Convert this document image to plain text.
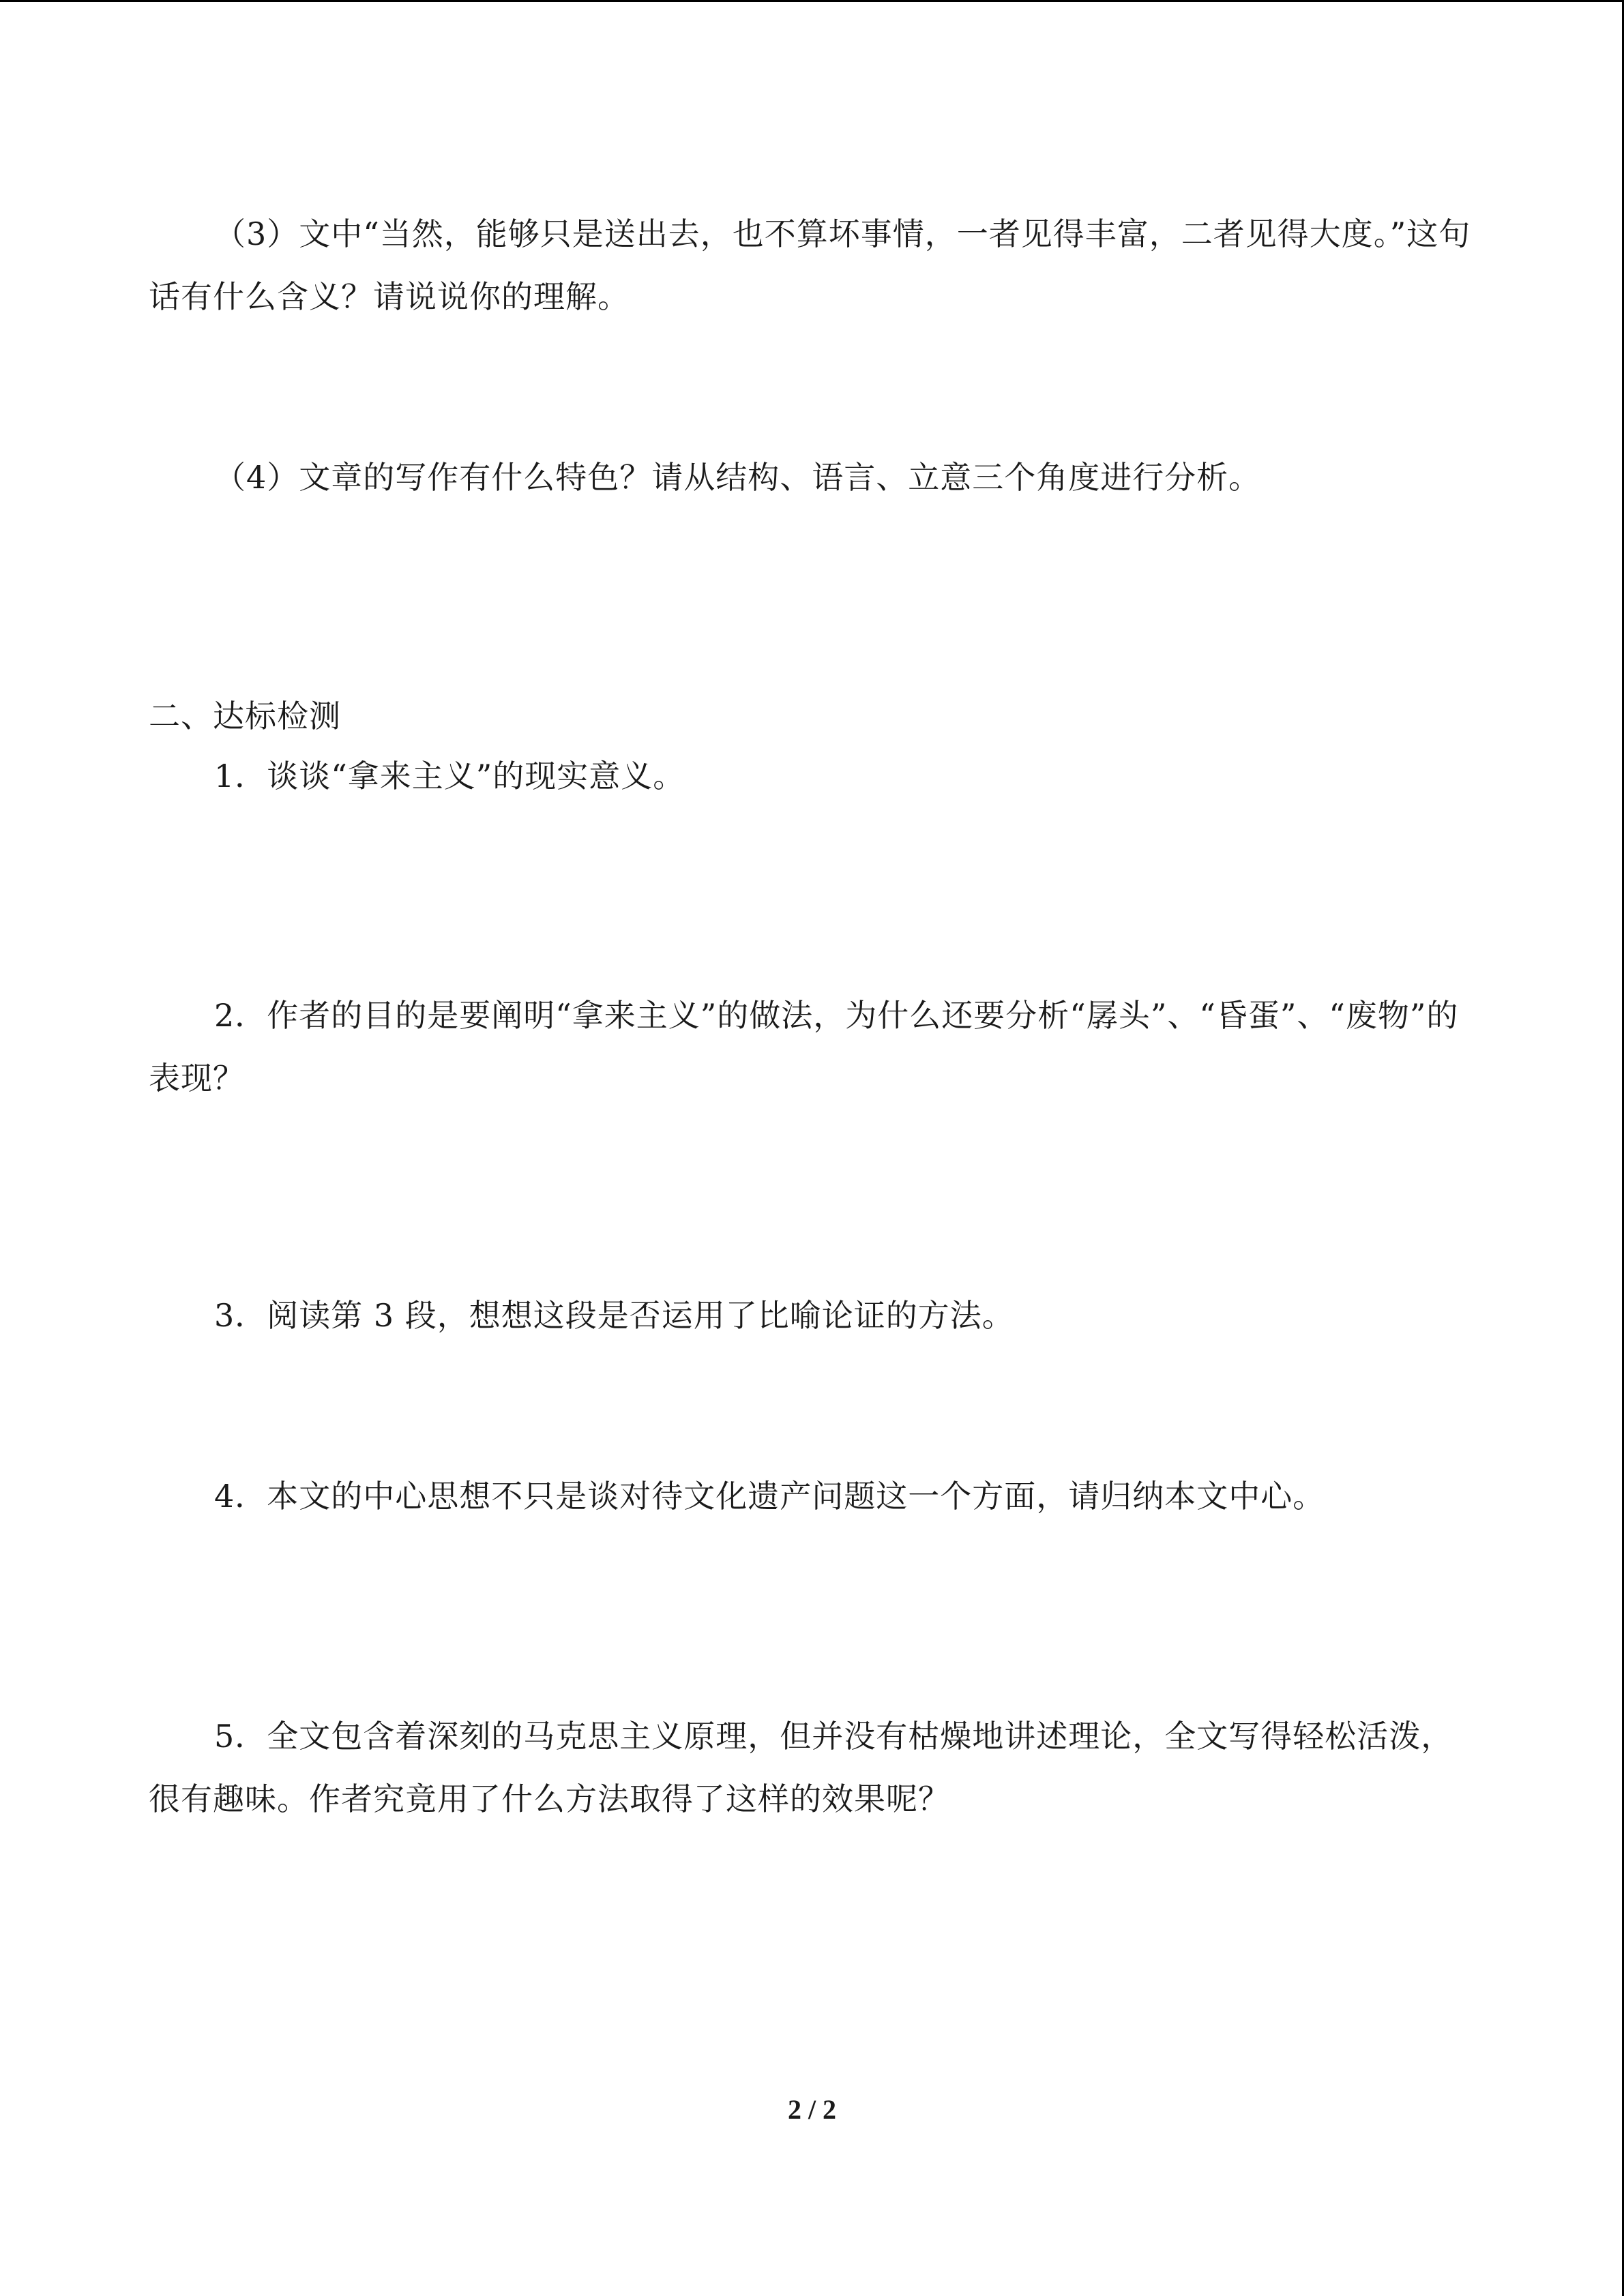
（3）文中“当然，能够只是送出去，也不算坏事情，一者见得丰富，二者见得大度。”这句话有什么含义？请说说你的理解。

（4）文章的写作有什么特色？请从结构、语言、立意三个角度进行分析。

二、达标检测

1．谈谈“拿来主义”的现实意义。

2．作者的目的是要阐明“拿来主义”的做法，为什么还要分析“孱头”、“昏蛋”、“废物”的表现？

3．阅读第 3 段，想想这段是否运用了比喻论证的方法。

4．本文的中心思想不只是谈对待文化遗产问题这一个方面，请归纳本文中心。

5．全文包含着深刻的马克思主义原理，但并没有枯燥地讲述理论，全文写得轻松活泼，很有趣味。作者究竟用了什么方法取得了这样的效果呢？

2 / 2
